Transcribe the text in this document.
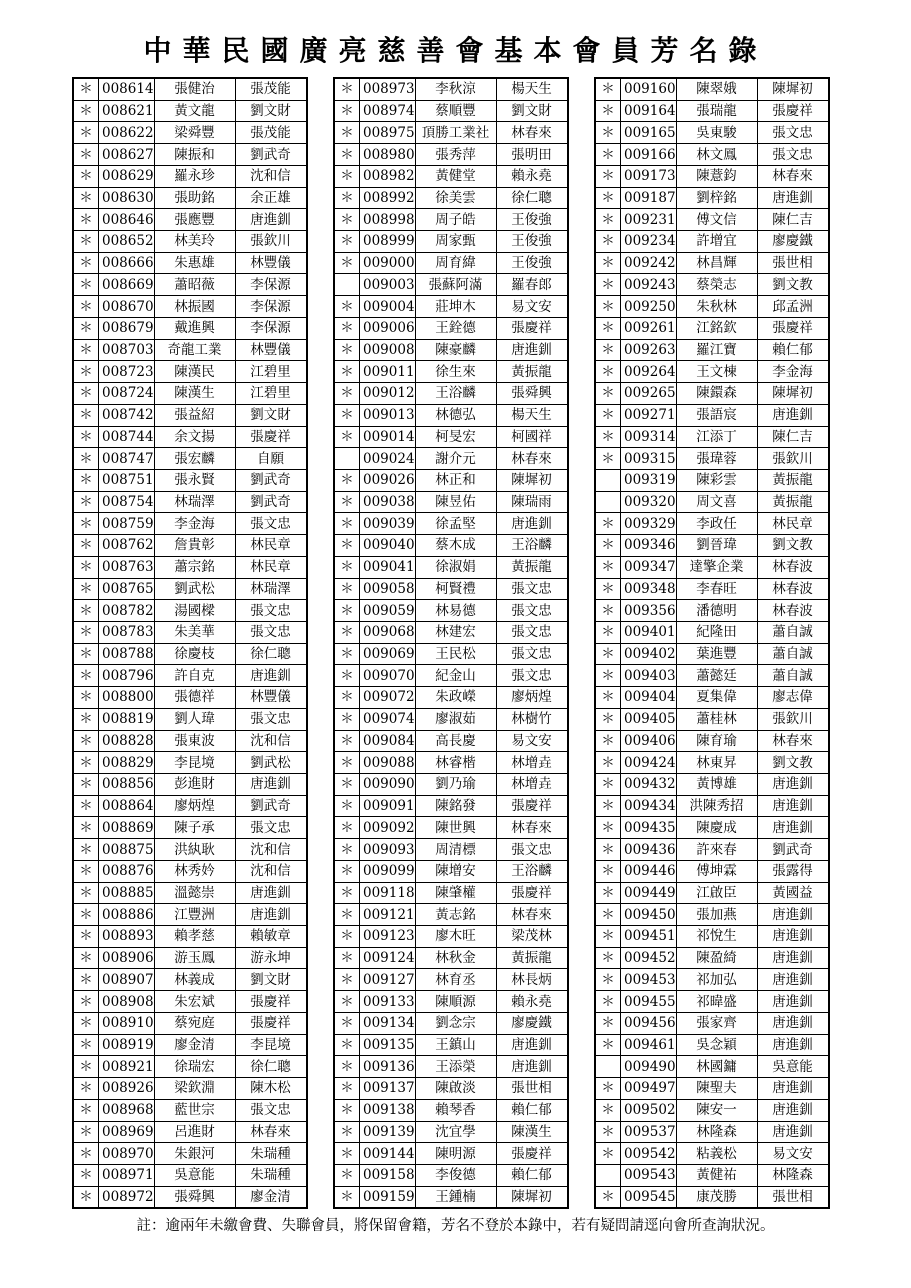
中華民國廣亮慈善會基本會員芳名錄
＊	008614	張健治	張茂能
＊	008621	黃文龍	劉文財
＊	008622	梁舜豐	張茂能
＊	008627	陳振和	劉武奇
＊	008629	羅永珍	沈和信
＊	008630	張助銘	余正雄
＊	008646	張應豐	唐進釧
＊	008652	林美玲	張欽川
＊	008666	朱惠雄	林豐儀
＊	008669	蕭昭薇	李保源
＊	008670	林振國	李保源
＊	008679	戴進興	李保源
＊	008703	奇龍工業	林豐儀
＊	008723	陳漢民	江碧里
＊	008724	陳漢生	江碧里
＊	008742	張益紹	劉文財
＊	008744	余文揚	張慶祥
＊	008747	張宏麟	自願
＊	008751	張永賢	劉武奇
＊	008754	林瑞澤	劉武奇
＊	008759	李金海	張文忠
＊	008762	詹貴彰	林民章
＊	008763	蕭宗銘	林民章
＊	008765	劉武松	林瑞澤
＊	008782	湯國樑	張文忠
＊	008783	朱美華	張文忠
＊	008788	徐慶枝	徐仁聰
＊	008796	許自克	唐進釧
＊	008800	張德祥	林豐儀
＊	008819	劉人瑋	張文忠
＊	008828	張東波	沈和信
＊	008829	李昆境	劉武松
＊	008856	彭進財	唐進釧
＊	008864	廖炳煌	劉武奇
＊	008869	陳子承	張文忠
＊	008875	洪紈耿	沈和信
＊	008876	林秀妗	沈和信
＊	008885	溫懿崇	唐進釧
＊	008886	江豐洲	唐進釧
＊	008893	賴孝慈	賴敏章
＊	008906	游玉鳳	游永坤
＊	008907	林義成	劉文財
＊	008908	朱宏斌	張慶祥
＊	008910	蔡宛庭	張慶祥
＊	008919	廖金清	李昆境
＊	008921	徐瑞宏	徐仁聰
＊	008926	梁欽淵	陳木松
＊	008968	藍世宗	張文忠
＊	008969	呂進財	林春來
＊	008970	朱銀河	朱瑞種
＊	008971	吳意能	朱瑞種
＊	008972	張舜興	廖金清
＊	008973	李秋涼	楊天生
＊	008974	蔡順豐	劉文財
＊	008975	頂勝工業社	林春來
＊	008980	張秀萍	張明田
＊	008982	黃健堂	賴永堯
＊	008992	徐美雲	徐仁聰
＊	008998	周子皓	王俊強
＊	008999	周家甄	王俊強
＊	009000	周育緯	王俊強
	009003	張蘇阿滿	羅春郎
＊	009004	莊坤木	易文安
＊	009006	王銓德	張慶祥
＊	009008	陳豪麟	唐進釧
＊	009011	徐生來	黃振龍
＊	009012	王浴麟	張舜興
＊	009013	林德弘	楊天生
＊	009014	柯旻宏	柯國祥
	009024	謝介元	林春來
＊	009026	林正和	陳墀初
＊	009038	陳昱佑	陳瑞雨
＊	009039	徐孟堅	唐進釧
＊	009040	蔡木成	王浴麟
＊	009041	徐淑娟	黃振龍
＊	009058	柯賢禮	張文忠
＊	009059	林易德	張文忠
＊	009068	林建宏	張文忠
＊	009069	王民松	張文忠
＊	009070	紀金山	張文忠
＊	009072	朱政嶸	廖炳煌
＊	009074	廖淑茹	林樹竹
＊	009084	高長慶	易文安
＊	009088	林睿楷	林增垚
＊	009090	劉乃瑜	林增垚
＊	009091	陳銘發	張慶祥
＊	009092	陳世興	林春來
＊	009093	周清標	張文忠
＊	009099	陳增安	王浴麟
＊	009118	陳肇權	張慶祥
＊	009121	黃志銘	林春來
＊	009123	廖木旺	梁茂林
＊	009124	林秋金	黃振龍
＊	009127	林育丞	林長炳
＊	009133	陳順源	賴永堯
＊	009134	劉念宗	廖慶鐵
＊	009135	王鎮山	唐進釧
＊	009136	王添榮	唐進釧
＊	009137	陳啟淡	張世相
＊	009138	賴琴香	賴仁郁
＊	009139	沈宜學	陳漢生
＊	009144	陳明源	張慶祥
＊	009158	李俊德	賴仁郁
＊	009159	王鍾楠	陳墀初
＊	009160	陳翠娥	陳墀初
＊	009164	張瑞龍	張慶祥
＊	009165	吳東駿	張文忠
＊	009166	林文鳳	張文忠
＊	009173	陳薏鈞	林春來
＊	009187	劉梓銘	唐進釧
＊	009231	傅文信	陳仁吉
＊	009234	許增宜	廖慶鐵
＊	009242	林昌輝	張世相
＊	009243	蔡榮志	劉文教
＊	009250	朱秋林	邱孟洲
＊	009261	江銘欽	張慶祥
＊	009263	羅江寶	賴仁郁
＊	009264	王文棟	李金海
＊	009265	陳鐶森	陳墀初
＊	009271	張語宸	唐進釧
＊	009314	江添丁	陳仁吉
＊	009315	張瑋蓉	張欽川
	009319	陳彩雲	黃振龍
	009320	周文喜	黃振龍
＊	009329	李政任	林民章
＊	009346	劉晉瑋	劉文教
＊	009347	達擎企業	林春波
＊	009348	李春旺	林春波
＊	009356	潘德明	林春波
＊	009401	紀隆田	蕭自誠
＊	009402	葉進豐	蕭自誠
＊	009403	蕭懿廷	蕭自誠
＊	009404	夏集偉	廖志偉
＊	009405	蕭桂林	張欽川
＊	009406	陳育瑜	林春來
＊	009424	林東昇	劉文教
＊	009432	黃博雄	唐進釧
＊	009434	洪陳秀招	唐進釧
＊	009435	陳慶成	唐進釧
＊	009436	許來春	劉武奇
＊	009446	傅坤霖	張露得
＊	009449	江啟臣	黃國益
＊	009450	張加燕	唐進釧
＊	009451	祁悅生	唐進釧
＊	009452	陳盈綺	唐進釧
＊	009453	祁加弘	唐進釧
＊	009455	祁暐盛	唐進釧
＊	009456	張家齊	唐進釧
＊	009461	吳念穎	唐進釧
	009490	林國鏞	吳意能
＊	009497	陳聖夫	唐進釧
＊	009502	陳安一	唐進釧
＊	009537	林隆森	唐進釧
＊	009542	粘義松	易文安
	009543	黃健祐	林隆森
＊	009545	康茂勝	張世相
註：逾兩年未繳會費、失聯會員，將保留會籍，芳名不登於本錄中，若有疑問請逕向會所查詢狀況。
